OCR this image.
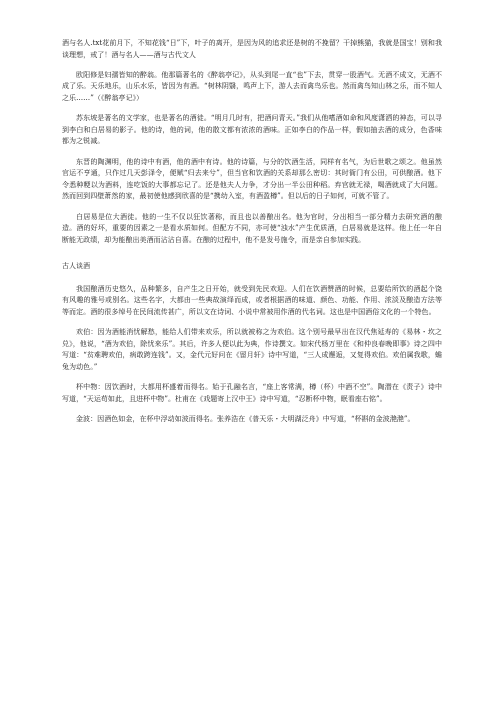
酒与名人.txt花前月下，不知花钱“日”下，叶子的离开，是因为风的追求还是树的不挽留？干掉熊猫，我就是国宝！别和我谈理想，戒了！酒与名人——酒与古代文人

欧阳修是妇孺皆知的醉翁。他那篇著名的《醉翁亭记》，从头到尾一直“也”下去，贯穿一股酒气。无酒不成文，无酒不成了乐。天乐地乐，山乐水乐，皆因为有酒。“树林阴翳，鸣声上下，游人去而禽鸟乐也。然而禽鸟知山林之乐，而不知人之乐……”（《醉翁亭记》）

苏东坡是著名的文学家，也是著名的酒徒。“明月几时有，把酒问青天。”我们从他嗜酒如命和风度潇洒的神态，可以寻到李白和白居易的影子。他的诗，他的词，他的散文都有浓浓的酒味。正如李白的作品一样，假如抽去酒的成分，色香味都为之锐减。

东晋的陶渊明，他的诗中有酒，他的酒中有诗。他的诗篇，与分的饮酒生活，同样有名气，为后世歌之颂之。他虽然官运不亨通，只作过几天彭泽令，便赋“归去来兮”，但当官和饮酒的关系却那么密切：其时衙门有公田，可供酿酒。他下令悉种粳以为酒料，连吃饭的大事都忘记了。还是他夫人力争，才分出一半公田种稻。弃官就无禄，喝酒就成了大问题。然而回到四壁萧然的家，最初使他感到欣喜的是“携幼入室，有酒盈樽”。但以后的日子如何，可就不管了。

白居易是位大酒徒。他的一生不仅以狂饮著称，而且也以善酿出名。他为官时，分出相当一部分精力去研究酒的酿造。酒的好坏，重要的因素之一是看水质如何。但配方不同，亦可使“浊水”产生优质酒，白居易就是这样。他上任一年自断能无政绩，却为能酿出美酒而沾沾自喜。在酿的过程中，他不是发号施令，而是亲自参加实践。

古人谈酒

我国酿酒历史悠久，品种繁多，自产生之日开始，就受到先民欢迎。人们在饮酒赞酒的时候，总要给所饮的酒起个饶有风趣的雅号或别名。这些名字，大都由一些典故演绎而成，或者根据酒的味道、颜色、功能、作用、浓淡及酿造方法等等而定。酒的很多绰号在民间流传甚广，所以文在诗词、小说中常被用作酒的代名词。这也是中国酒俗文化的一个特色。

欢伯：因为酒能消忧解愁，能给人们带来欢乐，所以就被称之为欢伯。这个别号最早出在汉代焦延寿的《易林・坎之兑》，他说，“酒为欢伯，除忧来乐”。其后，许多人便以此为典，作诗撰文。如宋代杨万里在《和仲良春晚即事》诗之四中写道：“贫难聘欢伯，病敢跨连钱”。又，金代元好问在《留月轩》诗中写道，“三人成邂逅，又复得欢伯。欢伯属我歌，蟾兔为动色。”

杯中物：因饮酒时，大都用杯盛着而得名。始于孔融名言，“座上客常满，樽（杯）中酒不空”。陶潜在《责子》诗中写道，“天运苟如此，且进杯中物”。杜甫在《戏题寄上汉中王》诗中写道，“忍断杯中物，眠看座右铭”。

金波：因酒色如金，在杯中浮动如波而得名。张养浩在《普天乐・大明湖泛舟》中写道，“杯斟的金波滟滟”。
